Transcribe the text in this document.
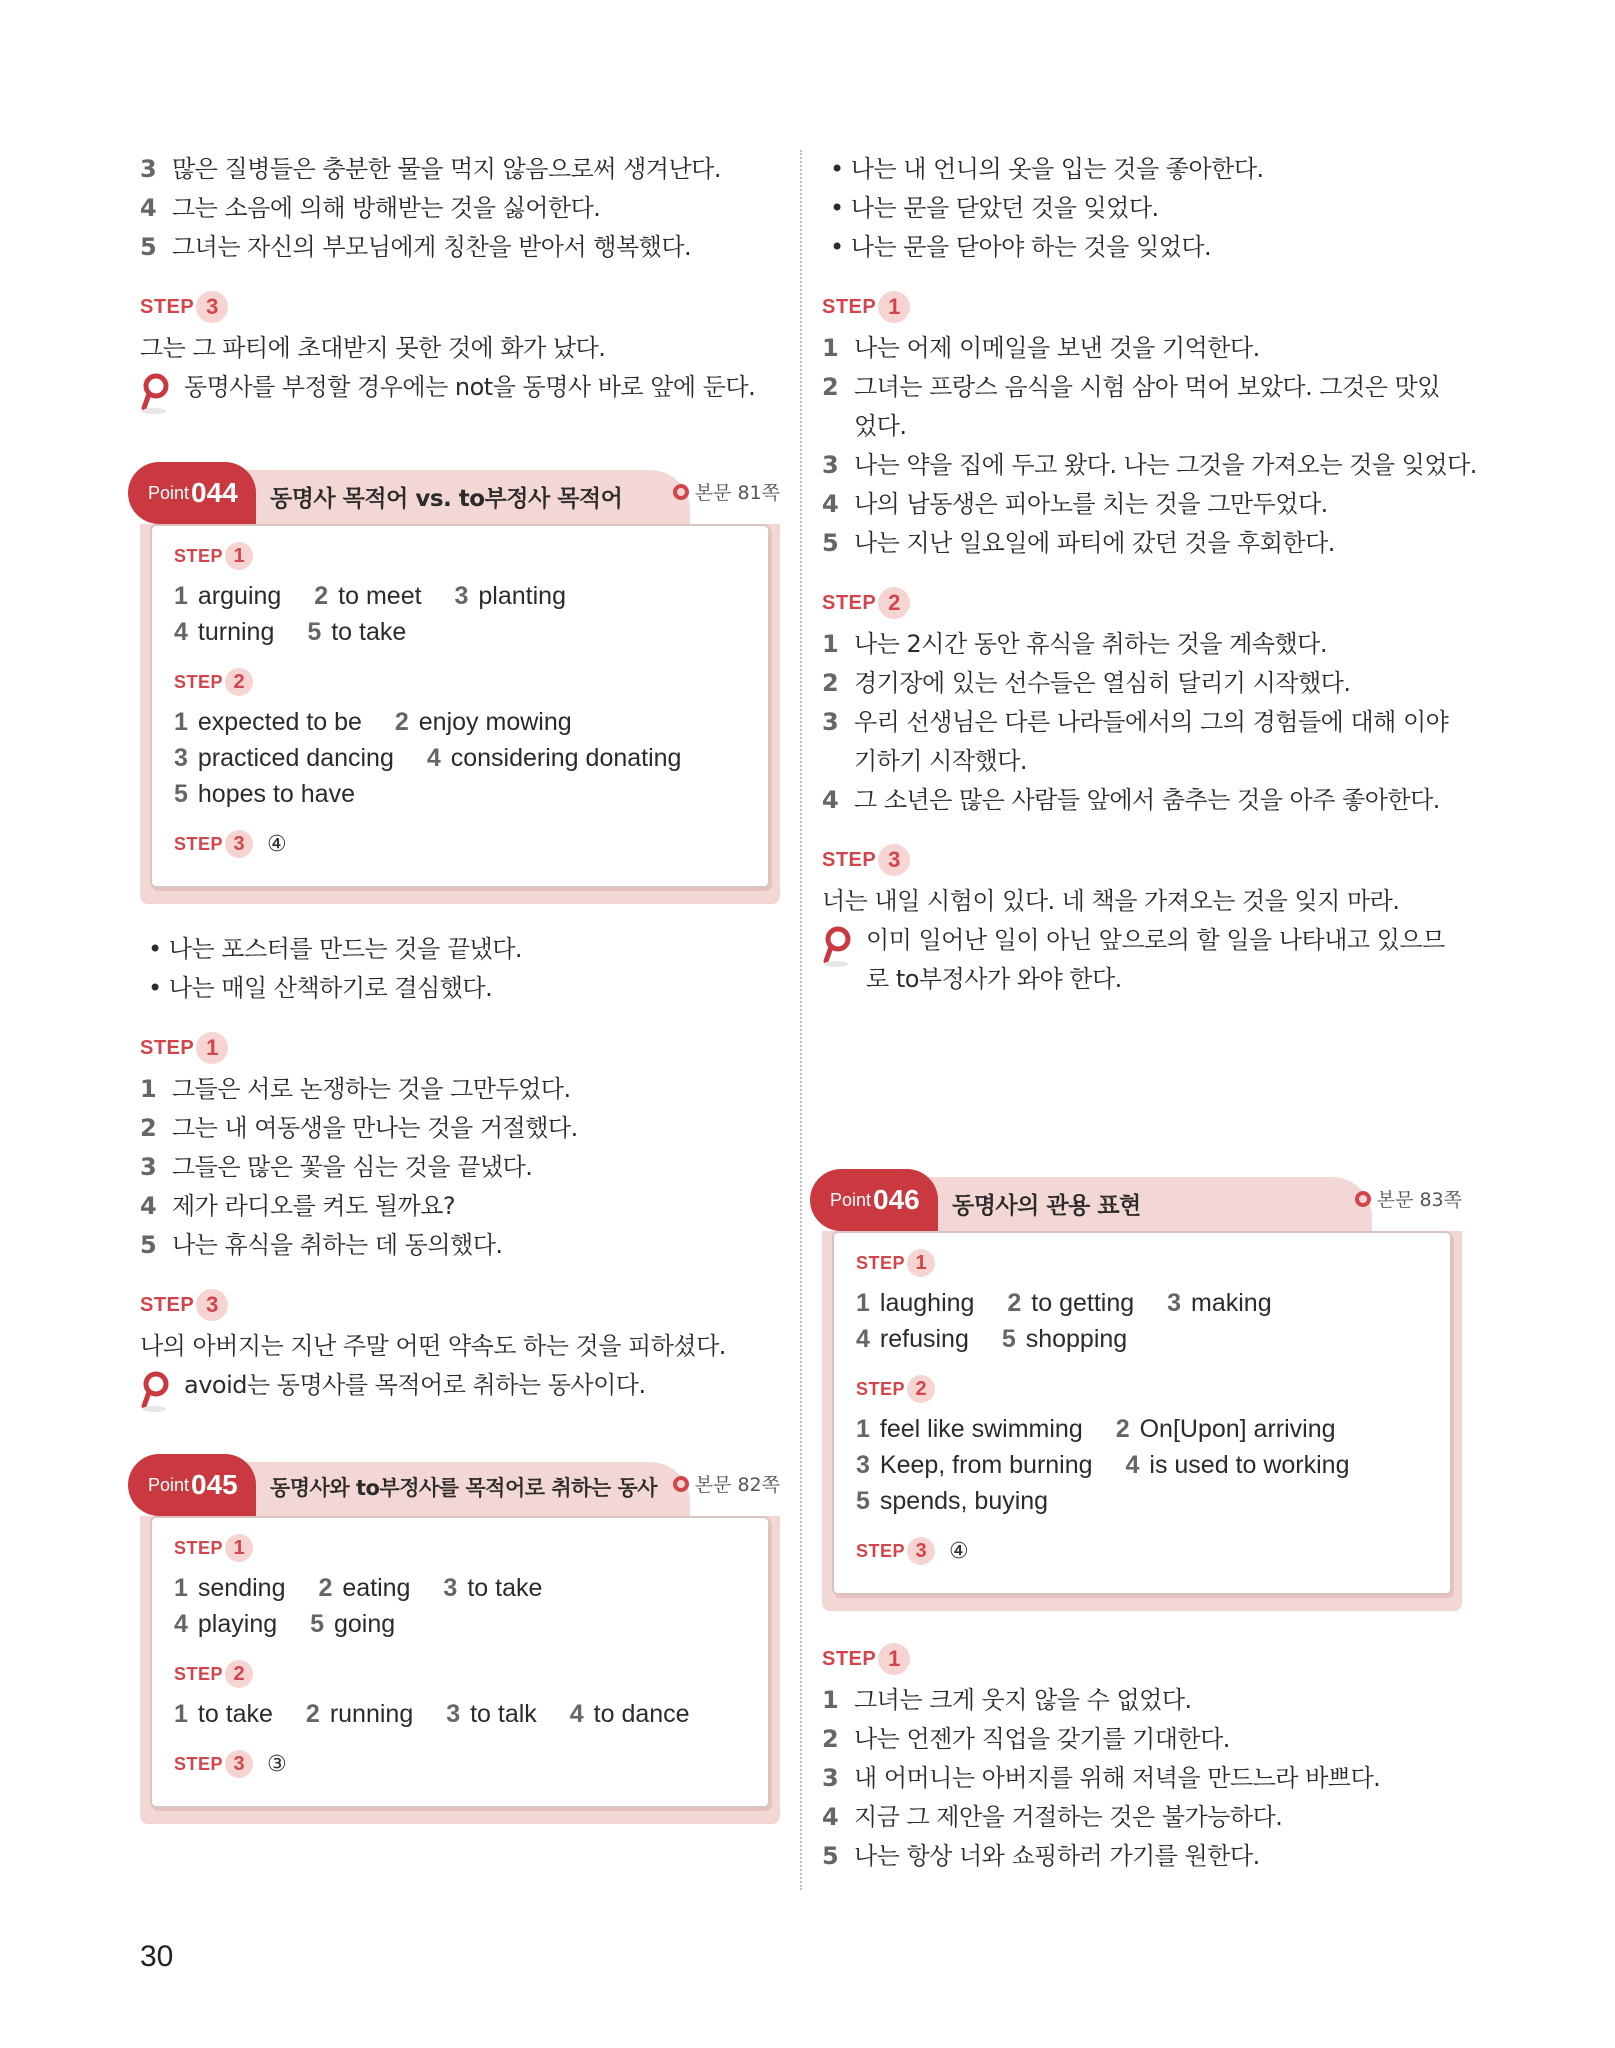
3 많은 질병들은 충분한 물을 먹지 않음으로써 생겨난다.
4 그는 소음에 의해 방해받는 것을 싫어한다.
5 그녀는 자신의 부모님에게 칭찬을 받아서 행복했다.
STEP 3
그는 그 파티에 초대받지 못한 것에 화가 났다.
동명사를 부정할 경우에는 not을 동명사 바로 앞에 둔다.
Point 044 동명사 목적어 vs. to부정사 목적어	본문 81쪽
STEP 1
1 arguing 2 to meet 3 planting
4 turning 5 to take
STEP 2
1 expected to be 2 enjoy mowing
3 practiced dancing 4 considering donating
5 hopes to have
STEP 3	④
• 나는 포스터를 만드는 것을 끝냈다.
• 나는 매일 산책하기로 결심했다.
STEP 1
1 그들은 서로 논쟁하는 것을 그만두었다.
2 그는 내 여동생을 만나는 것을 거절했다.
3 그들은 많은 꽃을 심는 것을 끝냈다.
4 제가 라디오를 켜도 될까요?
5 나는 휴식을 취하는 데 동의했다.
STEP 3
나의 아버지는 지난 주말 어떤 약속도 하는 것을 피하셨다.
avoid는 동명사를 목적어로 취하는 동사이다.
Point 045 동명사와 to부정사를 목적어로 취하는 동사 본문 82쪽
STEP 1
1 sending 2 eating 3 to take
4 playing 5 going
STEP 2
1 to take 2 running 3 to talk 4 to dance
STEP 3	③
• 나는 내 언니의 옷을 입는 것을 좋아한다.
• 나는 문을 닫았던 것을 잊었다.
• 나는 문을 닫아야 하는 것을 잊었다.
STEP 1
1 나는 어제 이메일을 보낸 것을 기억한다.
2 그녀는 프랑스 음식을 시험 삼아 먹어 보았다. 그것은 맛있었다.
3 나는 약을 집에 두고 왔다. 나는 그것을 가져오는 것을 잊었다.
4 나의 남동생은 피아노를 치는 것을 그만두었다.
5 나는 지난 일요일에 파티에 갔던 것을 후회한다.
STEP 2
1 나는 2시간 동안 휴식을 취하는 것을 계속했다.
2 경기장에 있는 선수들은 열심히 달리기 시작했다.
3 우리 선생님은 다른 나라들에서의 그의 경험들에 대해 이야기하기 시작했다.
4 그 소년은 많은 사람들 앞에서 춤추는 것을 아주 좋아한다.
STEP 3
너는 내일 시험이 있다. 네 책을 가져오는 것을 잊지 마라.
이미 일어난 일이 아닌 앞으로의 할 일을 나타내고 있으므로 to부정사가 와야 한다.
Point 046 동명사의 관용 표현	본문 83쪽
STEP 1
1 laughing 2 to getting 3 making
4 refusing 5 shopping
STEP 2
1 feel like swimming 2 On[Upon] arriving
3 Keep, from burning 4 is used to working
5 spends, buying
STEP 3	④
STEP 1
1 그녀는 크게 웃지 않을 수 없었다.
2 나는 언젠가 직업을 갖기를 기대한다.
3 내 어머니는 아버지를 위해 저녁을 만드느라 바쁘다.
4 지금 그 제안을 거절하는 것은 불가능하다.
5 나는 항상 너와 쇼핑하러 가기를 원한다.
30
